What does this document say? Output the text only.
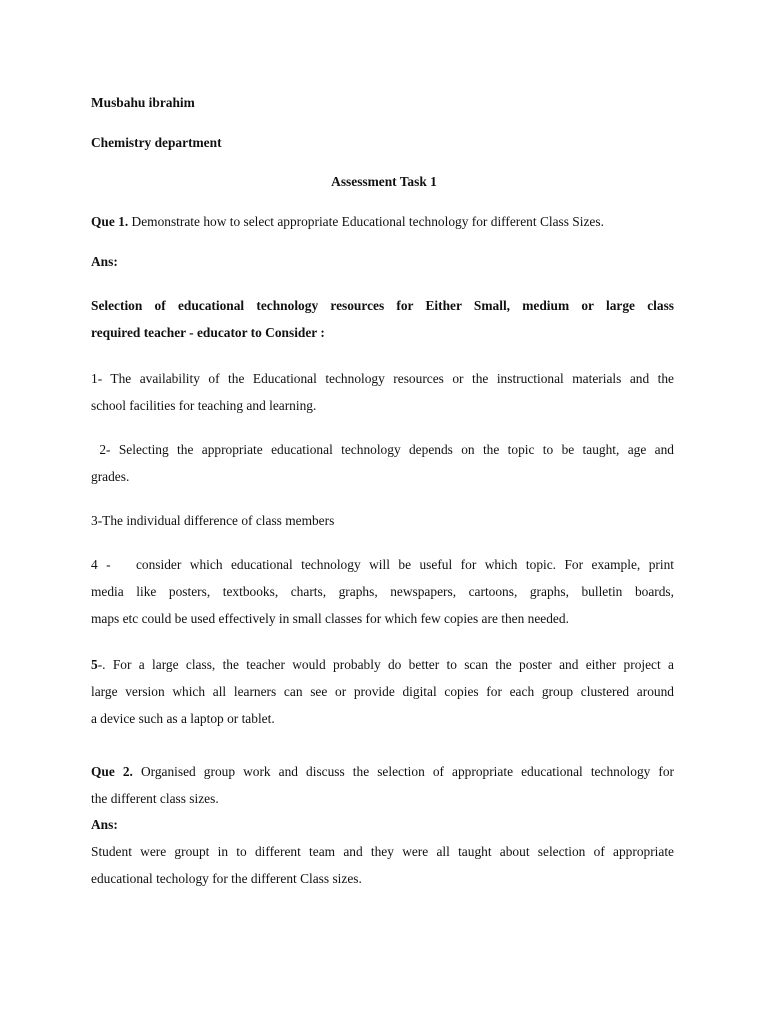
Musbahu ibrahim
Chemistry department
Assessment Task 1
Que 1. Demonstrate how to select appropriate Educational technology for different Class Sizes.
Ans:
Selection of educational technology resources for Either Small, medium or large class
required teacher - educator to Consider :
1- The availability of the Educational technology resources or the instructional materials and the
school facilities for teaching and learning.
2- Selecting the appropriate educational technology depends on the topic to be taught, age and
grades.
3-The individual difference of class members
4 -   consider which educational technology will be useful for which topic. For example, print
media like posters, textbooks, charts, graphs, newspapers, cartoons, graphs, bulletin boards,
maps etc could be used effectively in small classes for which few copies are then needed.
5-. For a large class, the teacher would probably do better to scan the poster and either project a
large version which all learners can see or provide digital copies for each group clustered around
a device such as a laptop or tablet.
Que 2. Organised group work and discuss the selection of appropriate educational technology for
the different class sizes.
Ans:
Student were groupt in to different team and they were all taught about selection of appropriate
educational techology for the different Class sizes.
